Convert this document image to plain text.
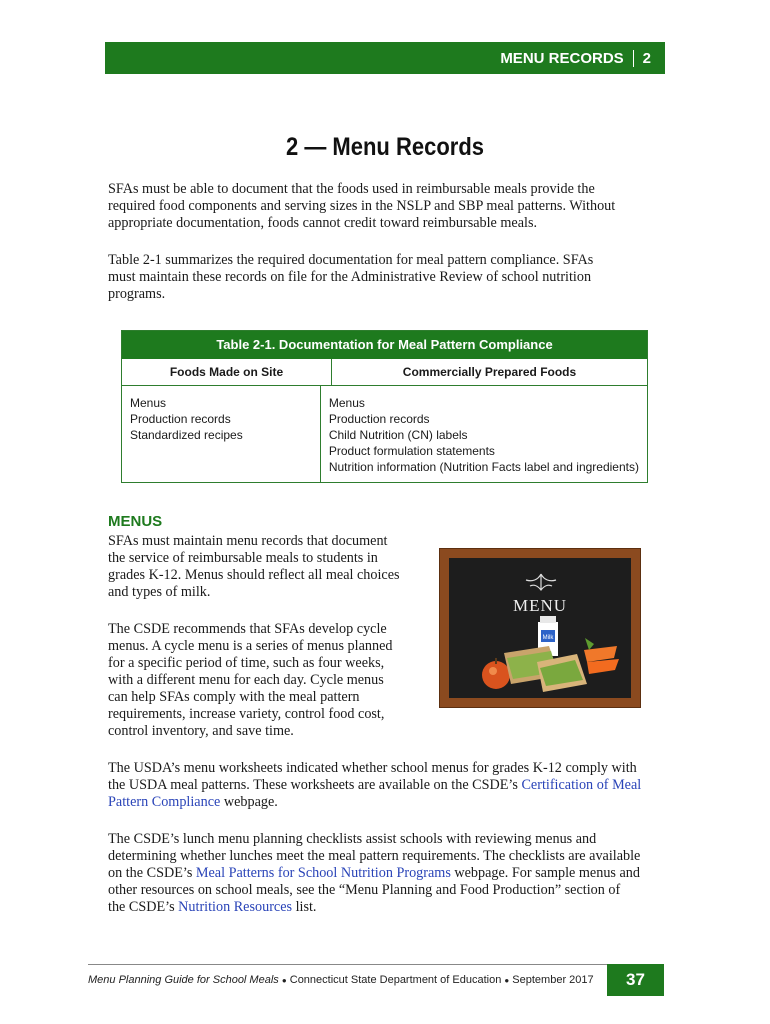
MENU RECORDS 2
2 — Menu Records
SFAs must be able to document that the foods used in reimbursable meals provide the
required food components and serving sizes in the NSLP and SBP meal patterns. Without
appropriate documentation, foods cannot credit toward reimbursable meals.
Table 2-1 summarizes the required documentation for meal pattern compliance. SFAs
must maintain these records on file for the Administrative Review of school nutrition
programs.
Table 2-1. Documentation for Meal Pattern Compliance
Foods Made on Site	Commercially Prepared Foods
Menus
Production records
Standardized recipes
Menus
Production records
Child Nutrition (CN) labels
Product formulation statements
Nutrition information (Nutrition Facts label and ingredients)
MENUS
SFAs must maintain menu records that document
the service of reimbursable meals to students in
grades K-12. Menus should reflect all meal choices
and types of milk.
The CSDE recommends that SFAs develop cycle
menus. A cycle menu is a series of menus planned
for a specific period of time, such as four weeks,
with a different menu for each day. Cycle menus
can help SFAs comply with the meal pattern
requirements, increase variety, control food cost,
control inventory, and save time.
MENU
Milk
The USDA’s menu worksheets indicated whether school menus for grades K-12 comply with
the USDA meal patterns. These worksheets are available on the CSDE’s Certification of Meal
Pattern Compliance webpage.
The CSDE’s lunch menu planning checklists assist schools with reviewing menus and
determining whether lunches meet the meal pattern requirements. The checklists are available
on the CSDE’s Meal Patterns for School Nutrition Programs webpage. For sample menus and
other resources on school meals, see the “Menu Planning and Food Production” section of
the CSDE’s Nutrition Resources list.
Menu Planning Guide for School Meals ● Connecticut State Department of Education ● September 2017	37
